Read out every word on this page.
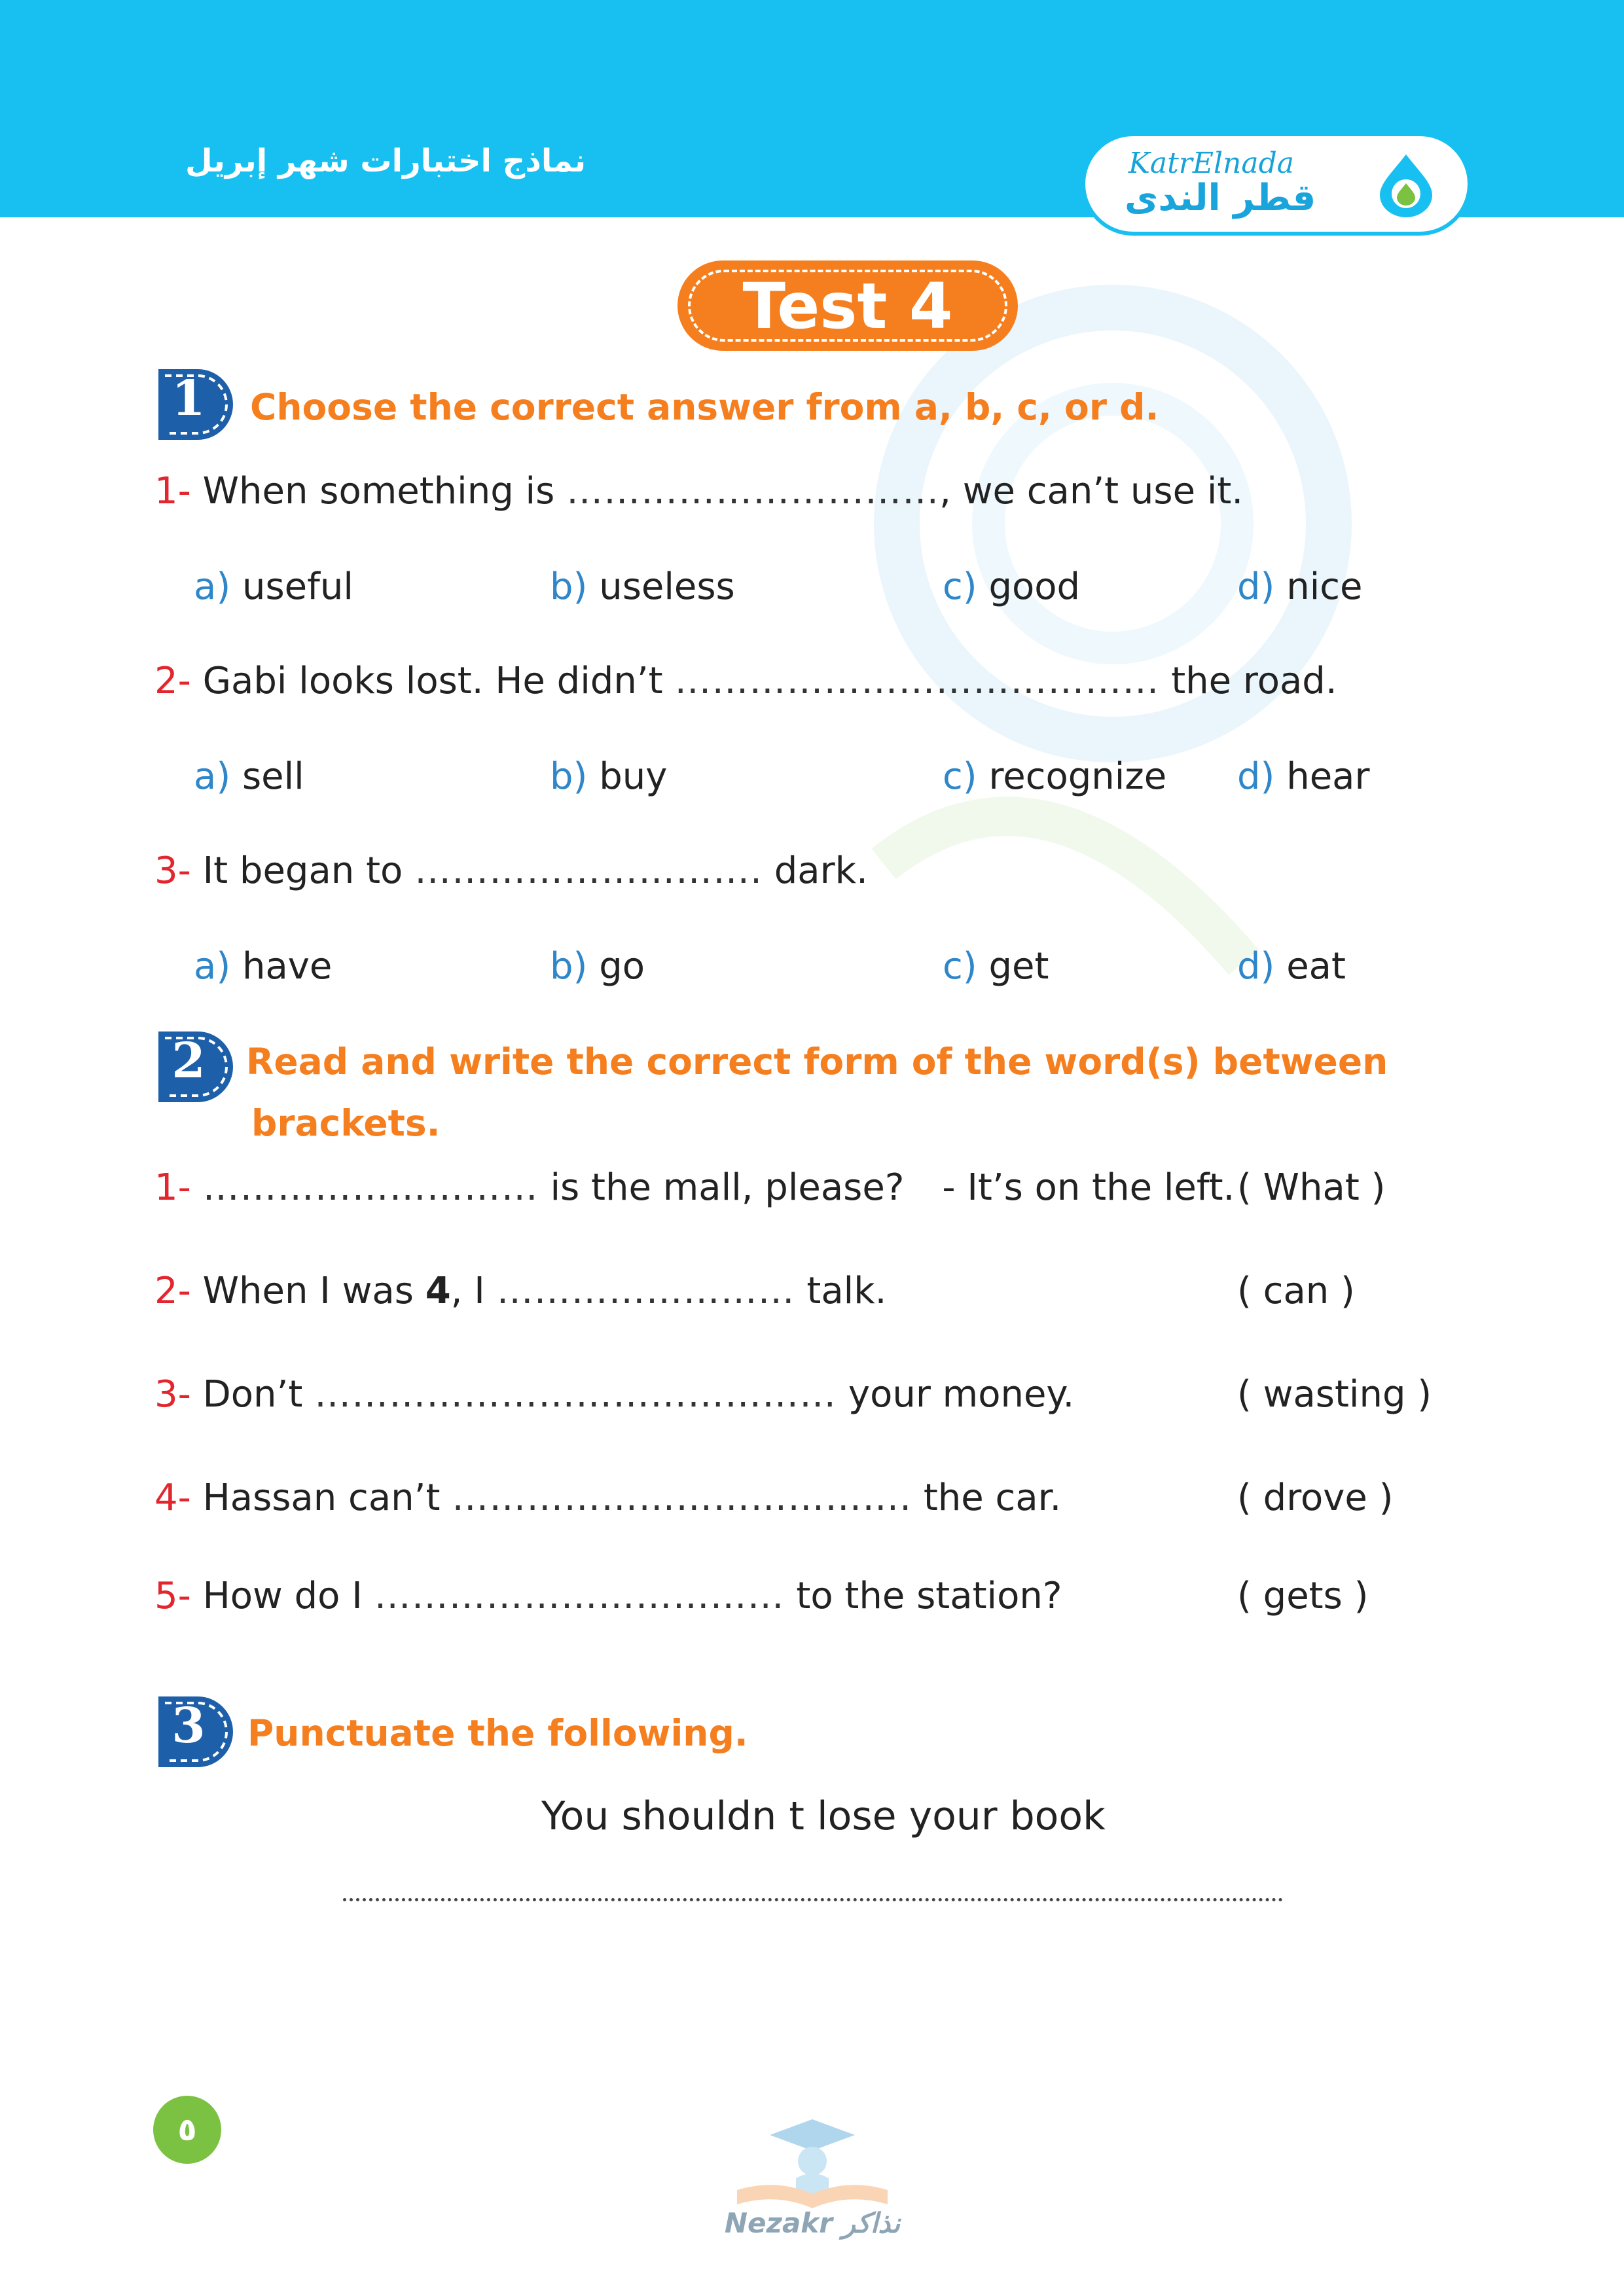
نماذج اختبارات شهر إبريل	KatrElnada
قطر الندى
Test 4
1	Choose the correct answer from a, b, c, or d.
1- When something is …………………………, we can’t use it.
a) useful	b) useless	c) good	d) nice
2- Gabi looks lost. He didn’t ………………………………… the road.
a) sell	b) buy	c) recognize d) hear
3- It began to ………………………. dark.
a) have	b) go	c) get	d) eat
2	Read and write the correct form of the word(s) between
brackets.
1- ……………………… is the mall, please? - It’s on the left. ( What )
2- When I was 4, I …………………… talk.	( can )
3- Don’t …………………………………… your money.	( wasting )
4- Hassan can’t ………………………………. the car.	( drove )
5- How do I …………………………… to the station?	( gets )
3	Punctuate the following.
You shouldn t lose your book
٥
Nezakr نذاكر
